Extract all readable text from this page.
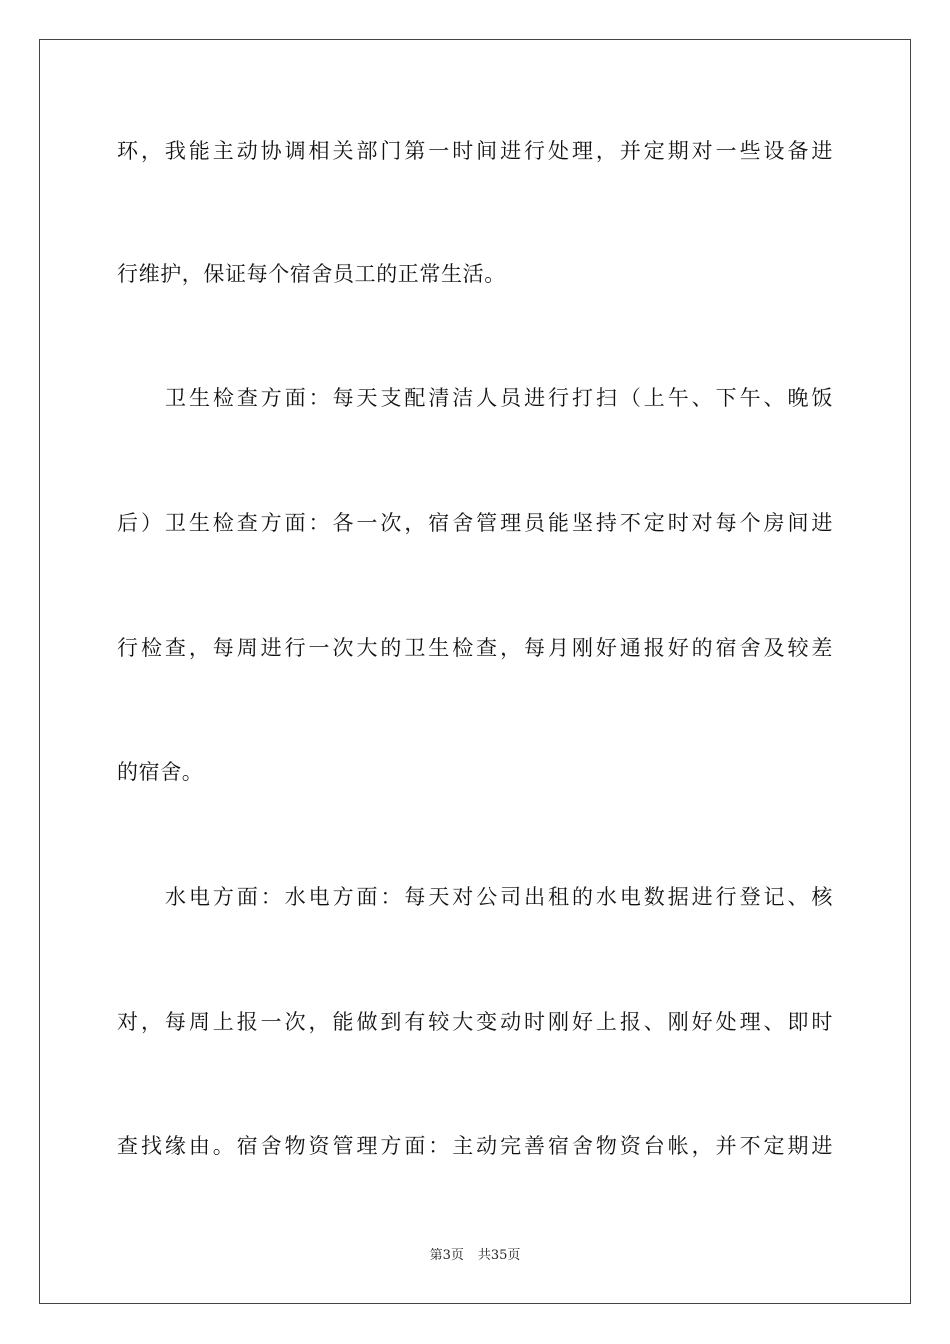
环，我能主动协调相关部门第一时间进行处理，并定期对一些设备进
行维护，保证每个宿舍员工的正常生活。
卫生检查方面：每天支配清洁人员进行打扫（上午、下午、晚饭
后）卫生检查方面：各一次，宿舍管理员能坚持不定时对每个房间进
行检查，每周进行一次大的卫生检查，每月刚好通报好的宿舍及较差
的宿舍。
水电方面：水电方面：每天对公司出租的水电数据进行登记、核
对，每周上报一次，能做到有较大变动时刚好上报、刚好处理、即时
查找缘由。宿舍物资管理方面：主动完善宿舍物资台帐，并不定期进
第3页 共35页
